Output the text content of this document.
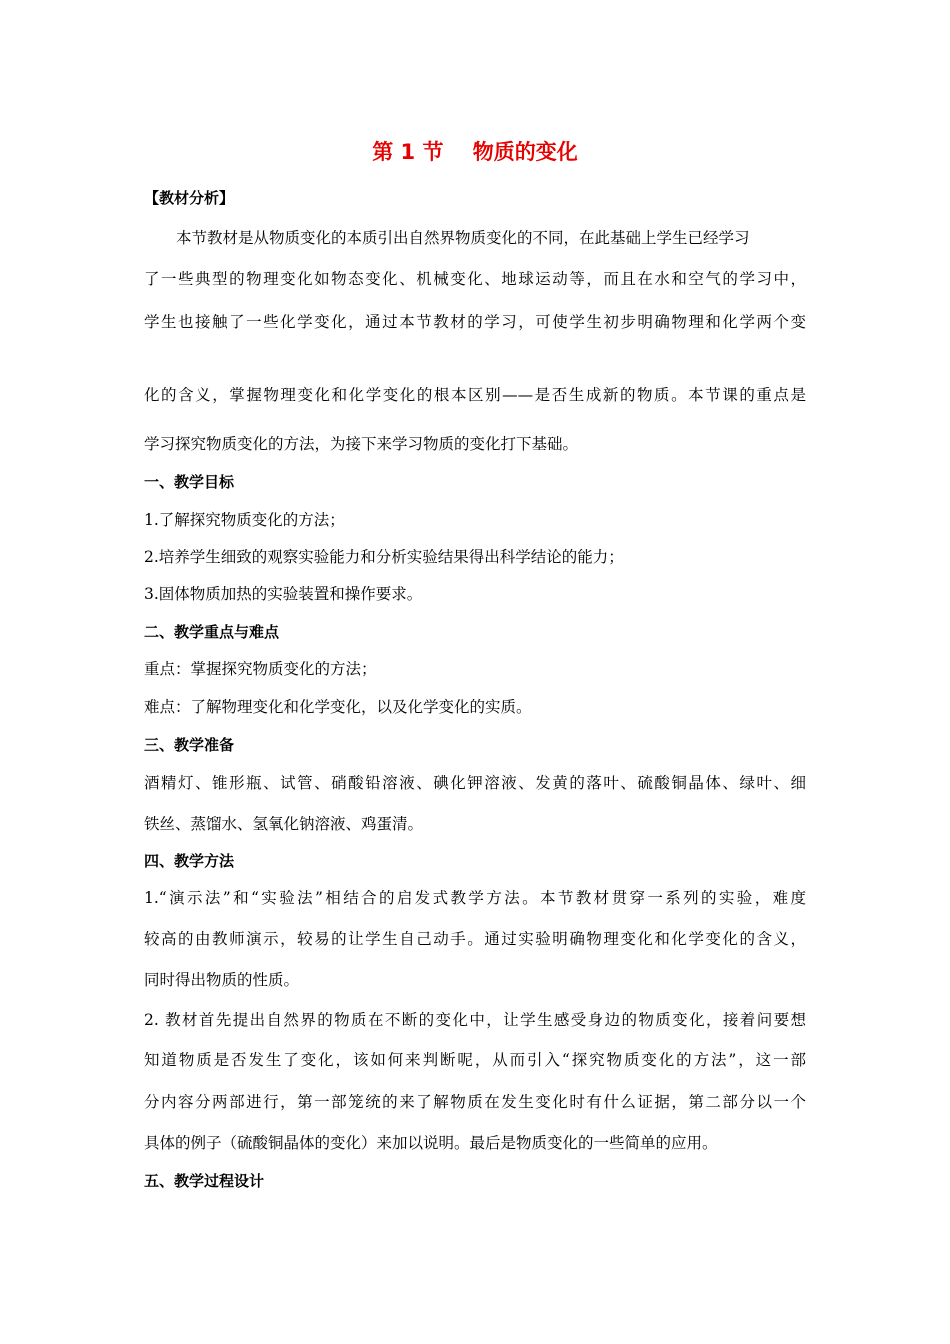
第 1 节    物质的变化
【教材分析】
本节教材是从物质变化的本质引出自然界物质变化的不同，在此基础上学生已经学习
了一些典型的物理变化如物态变化、机械变化、地球运动等，而且在水和空气的学习中，
学生也接触了一些化学变化，通过本节教材的学习，可使学生初步明确物理和化学两个变
化的含义，掌握物理变化和化学变化的根本区别——是否生成新的物质。本节课的重点是
学习探究物质变化的方法，为接下来学习物质的变化打下基础。
一、教学目标
1.了解探究物质变化的方法；
2.培养学生细致的观察实验能力和分析实验结果得出科学结论的能力；
3.固体物质加热的实验装置和操作要求。
二、教学重点与难点
重点：掌握探究物质变化的方法；
难点：了解物理变化和化学变化，以及化学变化的实质。
三、教学准备
酒精灯、锥形瓶、试管、硝酸铅溶液、碘化钾溶液、发黄的落叶、硫酸铜晶体、绿叶、细
铁丝、蒸馏水、氢氧化钠溶液、鸡蛋清。
四、教学方法
1.“演示法”和“实验法”相结合的启发式教学方法。本节教材贯穿一系列的实验，难度
较高的由教师演示，较易的让学生自己动手。通过实验明确物理变化和化学变化的含义，
同时得出物质的性质。
2. 教材首先提出自然界的物质在不断的变化中，让学生感受身边的物质变化，接着问要想
知道物质是否发生了变化，该如何来判断呢，从而引入“探究物质变化的方法”，这一部
分内容分两部进行，第一部笼统的来了解物质在发生变化时有什么证据，第二部分以一个
具体的例子（硫酸铜晶体的变化）来加以说明。最后是物质变化的一些简单的应用。
五、教学过程设计
